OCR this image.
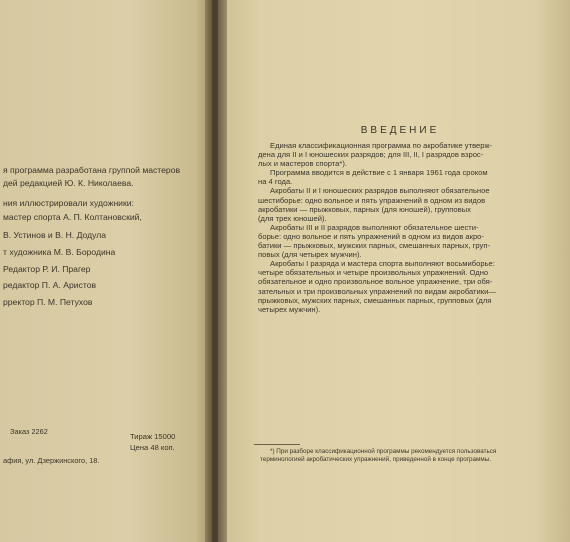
я программа разработана группой мастеров
дей редакцией Ю. К. Николаева.
ния иллюстрировали художники:
мастер спорта А. П. Колтановский,
В. Устинов и В. Н. Додула
т художника М. В. Бородина
Редактор Р. И. Прагер
редактор П. А. Аристов
рректор П. М. Петухов
Заказ 2262
Тираж 15000
Цена 48 коп.
афия, ул. Дзержинского, 18.
ВВЕДЕНИЕ
Единая классификационная программа по акробатике утверж-
дена для II и I юношеских разрядов; для III, II, I разрядов взрос-
лых и мастеров спорта*).
Программа вводится в действие с 1 января 1961 года сроком
на 4 года.
Акробаты II и I юношеских разрядов выполняют обязательное
шестиборье: одно вольное и пять упражнений в одном из видов
акробатики — прыжковых, парных (для юношей), групповых
(для трех юношей).
Акробаты III и II разрядов выполняют обязательное шести-
борье: одно вольное и пять упражнений в одном из видов акро-
батики — прыжковых, мужских парных, смешанных парных, груп-
повых (для четырех мужчин).
Акробаты I разряда и мастера спорта выполняют восьмиборье:
четыре обязательных и четыре произвольных упражнений. Одно
обязательное и одно произвольное вольное упражнение, три обя-
зательных и три произвольных упражнений по видам акробатики—
прыжковых, мужских парных, смешанных парных, групповых (для
четырех мужчин).
*) При разборе классификационной программы рекомендуется пользоваться
терминологией акробатических упражнений, приведенной в конце программы.
